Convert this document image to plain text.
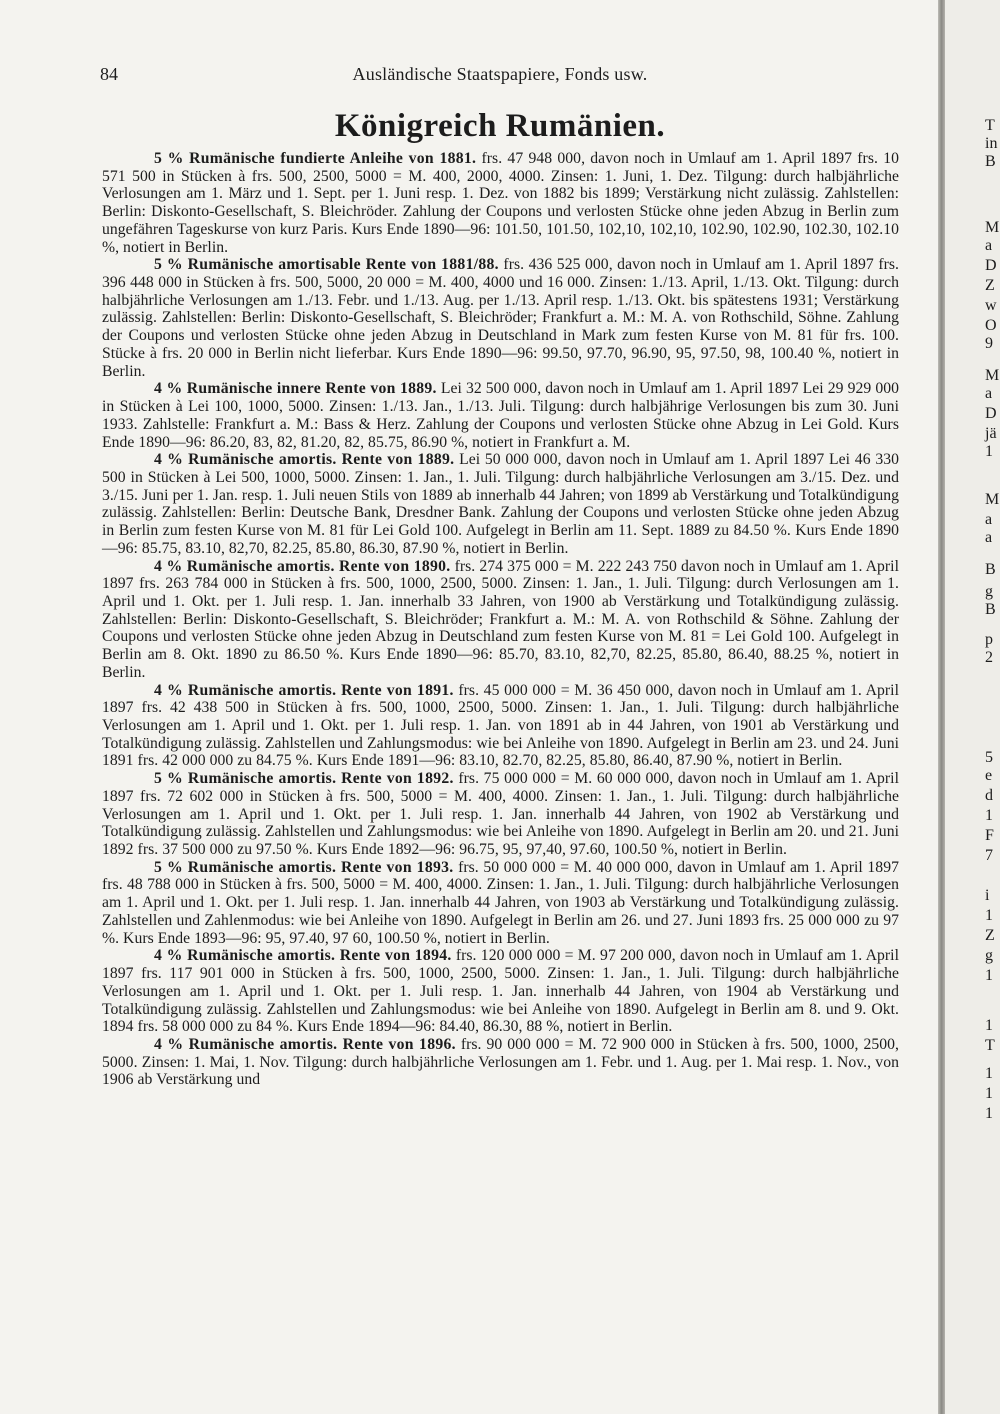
84	Ausländische Staatspapiere, Fonds usw.
Königreich Rumänien.

5 % Rumänische fundierte Anleihe von 1881. frs. 47 948 000, davon noch in Umlauf am 1. April 1897 frs. 10 571 500 in Stücken à frs. 500, 2500, 5000 = M. 400, 2000, 4000. Zinsen: 1. Juni, 1. Dez. Tilgung: durch halbjährliche Verlosungen am 1. März und 1. Sept. per 1. Juni resp. 1. Dez. von 1882 bis 1899; Verstärkung nicht zulässig. Zahlstellen: Berlin: Diskonto-Gesellschaft, S. Bleichröder. Zahlung der Coupons und verlosten Stücke ohne jeden Abzug in Berlin zum ungefähren Tageskurse von kurz Paris. Kurs Ende 1890—96: 101.50, 101.50, 102,10, 102,10, 102.90, 102.90, 102.30, 102.10 %, notiert in Berlin.

5 % Rumänische amortisable Rente von 1881/88. frs. 436 525 000, davon noch in Umlauf am 1. April 1897 frs. 396 448 000 in Stücken à frs. 500, 5000, 20 000 = M. 400, 4000 und 16 000. Zinsen: 1./13. April, 1./13. Okt. Tilgung: durch halbjährliche Verlosungen am 1./13. Febr. und 1./13. Aug. per 1./13. April resp. 1./13. Okt. bis spätestens 1931; Verstärkung zulässig. Zahlstellen: Berlin: Diskonto-Gesellschaft, S. Bleichröder; Frankfurt a. M.: M. A. von Rothschild, Söhne. Zahlung der Coupons und verlosten Stücke ohne jeden Abzug in Deutschland in Mark zum festen Kurse von M. 81 für frs. 100. Stücke à frs. 20 000 in Berlin nicht lieferbar. Kurs Ende 1890—96: 99.50, 97.70, 96.90, 95, 97.50, 98, 100.40 %, notiert in Berlin.

4 % Rumänische innere Rente von 1889. Lei 32 500 000, davon noch in Umlauf am 1. April 1897 Lei 29 929 000 in Stücken à Lei 100, 1000, 5000. Zinsen: 1./13. Jan., 1./13. Juli. Tilgung: durch halbjährige Verlosungen bis zum 30. Juni 1933. Zahlstelle: Frankfurt a. M.: Bass & Herz. Zahlung der Coupons und verlosten Stücke ohne Abzug in Lei Gold. Kurs Ende 1890—96: 86.20, 83, 82, 81.20, 82, 85.75, 86.90 %, notiert in Frankfurt a. M.

4 % Rumänische amortis. Rente von 1889. Lei 50 000 000, davon noch in Umlauf am 1. April 1897 Lei 46 330 500 in Stücken à Lei 500, 1000, 5000. Zinsen: 1. Jan., 1. Juli. Tilgung: durch halbjährliche Verlosungen am 3./15. Dez. und 3./15. Juni per 1. Jan. resp. 1. Juli neuen Stils von 1889 ab innerhalb 44 Jahren; von 1899 ab Verstärkung und Totalkündigung zulässig. Zahlstellen: Berlin: Deutsche Bank, Dresdner Bank. Zahlung der Coupons und verlosten Stücke ohne jeden Abzug in Berlin zum festen Kurse von M. 81 für Lei Gold 100. Aufgelegt in Berlin am 11. Sept. 1889 zu 84.50 %. Kurs Ende 1890—96: 85.75, 83.10, 82,70, 82.25, 85.80, 86.30, 87.90 %, notiert in Berlin.

4 % Rumänische amortis. Rente von 1890. frs. 274 375 000 = M. 222 243 750 davon noch in Umlauf am 1. April 1897 frs. 263 784 000 in Stücken à frs. 500, 1000, 2500, 5000. Zinsen: 1. Jan., 1. Juli. Tilgung: durch Verlosungen am 1. April und 1. Okt. per 1. Juli resp. 1. Jan. innerhalb 33 Jahren, von 1900 ab Verstärkung und Totalkündigung zulässig. Zahlstellen: Berlin: Diskonto-Gesellschaft, S. Bleichröder; Frankfurt a. M.: M. A. von Rothschild & Söhne. Zahlung der Coupons und verlosten Stücke ohne jeden Abzug in Deutschland zum festen Kurse von M. 81 = Lei Gold 100. Aufgelegt in Berlin am 8. Okt. 1890 zu 86.50 %. Kurs Ende 1890—96: 85.70, 83.10, 82,70, 82.25, 85.80, 86.40, 88.25 %, notiert in Berlin.

4 % Rumänische amortis. Rente von 1891. frs. 45 000 000 = M. 36 450 000, davon noch in Umlauf am 1. April 1897 frs. 42 438 500 in Stücken à frs. 500, 1000, 2500, 5000. Zinsen: 1. Jan., 1. Juli. Tilgung: durch halbjährliche Verlosungen am 1. April und 1. Okt. per 1. Juli resp. 1. Jan. von 1891 ab in 44 Jahren, von 1901 ab Verstärkung und Totalkündigung zulässig. Zahlstellen und Zahlungsmodus: wie bei Anleihe von 1890. Aufgelegt in Berlin am 23. und 24. Juni 1891 frs. 42 000 000 zu 84.75 %. Kurs Ende 1891—96: 83.10, 82.70, 82.25, 85.80, 86.40, 87.90 %, notiert in Berlin.

5 % Rumänische amortis. Rente von 1892. frs. 75 000 000 = M. 60 000 000, davon noch in Umlauf am 1. April 1897 frs. 72 602 000 in Stücken à frs. 500, 5000 = M. 400, 4000. Zinsen: 1. Jan., 1. Juli. Tilgung: durch halbjährliche Verlosungen am 1. April und 1. Okt. per 1. Juli resp. 1. Jan. innerhalb 44 Jahren, von 1902 ab Verstärkung und Totalkündigung zulässig. Zahlstellen und Zahlungsmodus: wie bei Anleihe von 1890. Aufgelegt in Berlin am 20. und 21. Juni 1892 frs. 37 500 000 zu 97.50 %. Kurs Ende 1892—96: 96.75, 95, 97,40, 97.60, 100.50 %, notiert in Berlin.

5 % Rumänische amortis. Rente von 1893. frs. 50 000 000 = M. 40 000 000, davon in Umlauf am 1. April 1897 frs. 48 788 000 in Stücken à frs. 500, 5000 = M. 400, 4000. Zinsen: 1. Jan., 1. Juli. Tilgung: durch halbjährliche Verlosungen am 1. April und 1. Okt. per 1. Juli resp. 1. Jan. innerhalb 44 Jahren, von 1903 ab Verstärkung und Totalkündigung zulässig. Zahlstellen und Zahlenmodus: wie bei Anleihe von 1890. Aufgelegt in Berlin am 26. und 27. Juni 1893 frs. 25 000 000 zu 97 %. Kurs Ende 1893—96: 95, 97.40, 97 60, 100.50 %, notiert in Berlin.

4 % Rumänische amortis. Rente von 1894. frs. 120 000 000 = M. 97 200 000, davon noch in Umlauf am 1. April 1897 frs. 117 901 000 in Stücken à frs. 500, 1000, 2500, 5000. Zinsen: 1. Jan., 1. Juli. Tilgung: durch halbjährliche Verlosungen am 1. April und 1. Okt. per 1. Juli resp. 1. Jan. innerhalb 44 Jahren, von 1904 ab Verstärkung und Totalkündigung zulässig. Zahlstellen und Zahlungsmodus: wie bei Anleihe von 1890. Aufgelegt in Berlin am 8. und 9. Okt. 1894 frs. 58 000 000 zu 84 %. Kurs Ende 1894—96: 84.40, 86.30, 88 %, notiert in Berlin.

4 % Rumänische amortis. Rente von 1896. frs. 90 000 000 = M. 72 900 000 in Stücken à frs. 500, 1000, 2500, 5000. Zinsen: 1. Mai, 1. Nov. Tilgung: durch halbjährliche Verlosungen am 1. Febr. und 1. Aug. per 1. Mai resp. 1. Nov., von 1906 ab Verstärkung und

T
in
B
M
a
D
Z
w
O
9
M
a
D
jä
1
M
a
a
B
g
B
p
2
5
e
d
1
F
7
i
1
Z
g
1
1
T
1
1
1
